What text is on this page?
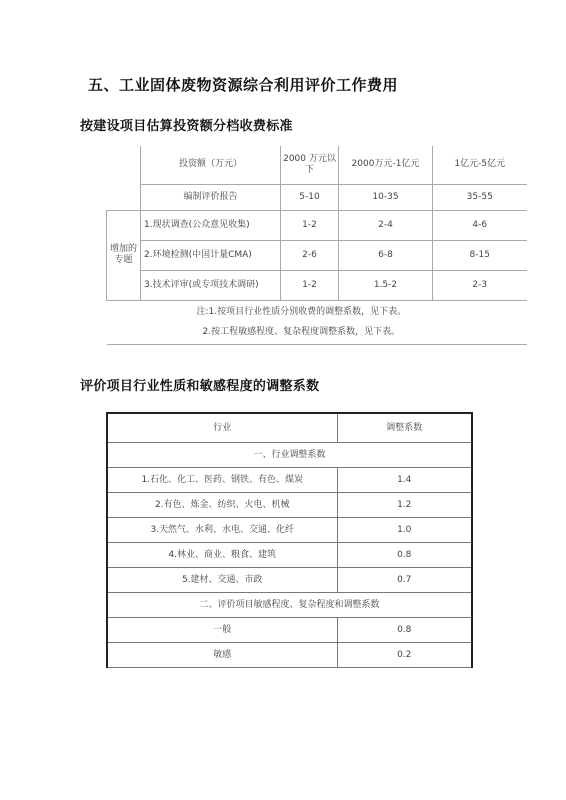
五、工业固体废物资源综合利用评价工作费用
按建设项目估算投资额分档收费标准
	投资额（万元）	2000 万元以下	2000万元-1亿元	1亿元-5亿元
	编制评价报告	5-10	10-35	35-55
增加的专题	1.现状调查(公众意见收集)	1-2	2-4	4-6
	2.环境检测(中国计量CMA)	2-6	6-8	8-15
	3.技术评审(或专项技术调研)	1-2	1.5-2	2-3

注:1.按项目行业性质分别收费的调整系数，见下表。
2.按工程敏感程度、复杂程度调整系数，见下表。				
评价项目行业性质和敏感程度的调整系数
行业	调整系数
一、行业调整系数	
1.石化、化工、医药、钢铁、有色、煤炭	1.4
2.有色、炼金、纺织、火电、机械	1.2
3.天然气、水利、水电、交通、化纤	1.0
4.林业、商业、粮食、建筑	0.8
5.建材、交通、市政	0.7
二、评价项目敏感程度、复杂程度和调整系数	
一般	0.8
敏感	0.2
